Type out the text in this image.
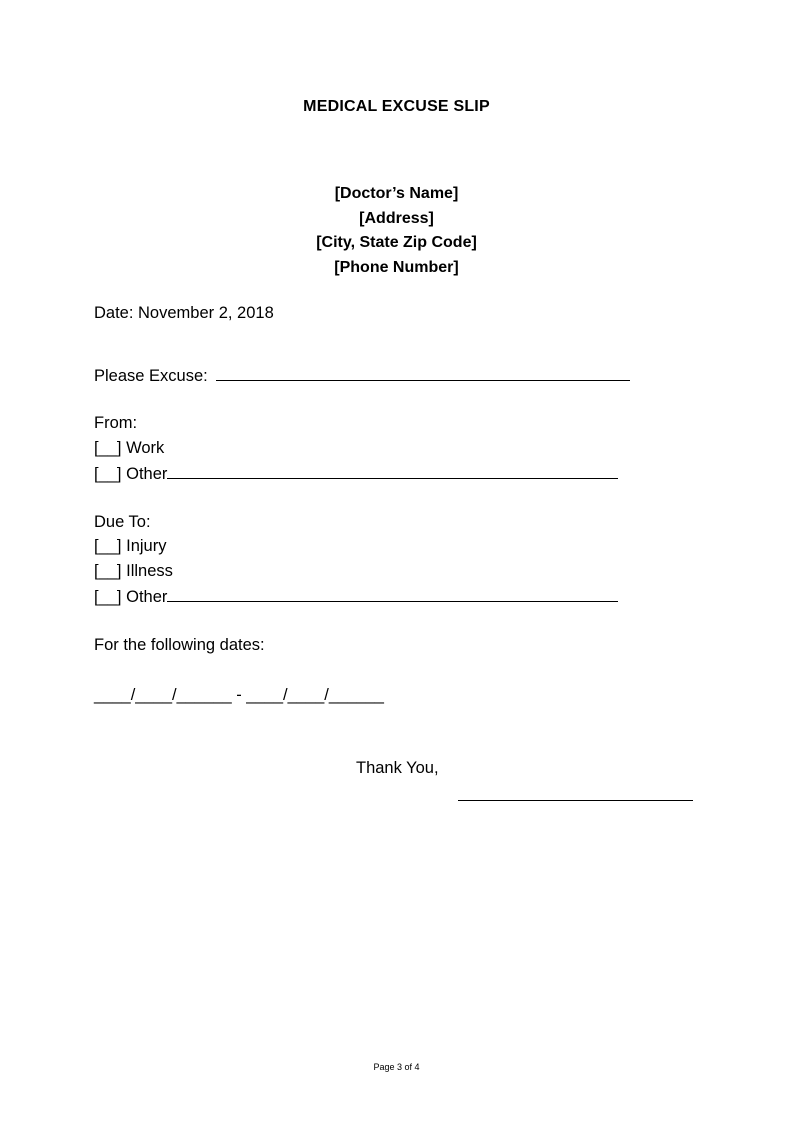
MEDICAL EXCUSE SLIP
[Doctor’s Name]
[Address]
[City, State Zip Code]
[Phone Number]
Date: November 2, 2018
Please Excuse:
From:
[__] Work
[__] Other
Due To:
[__] Injury
[__] Illness
[__] Other
For the following dates:
____/____/______ - ____/____/______
Thank You,
Page 3 of 4
